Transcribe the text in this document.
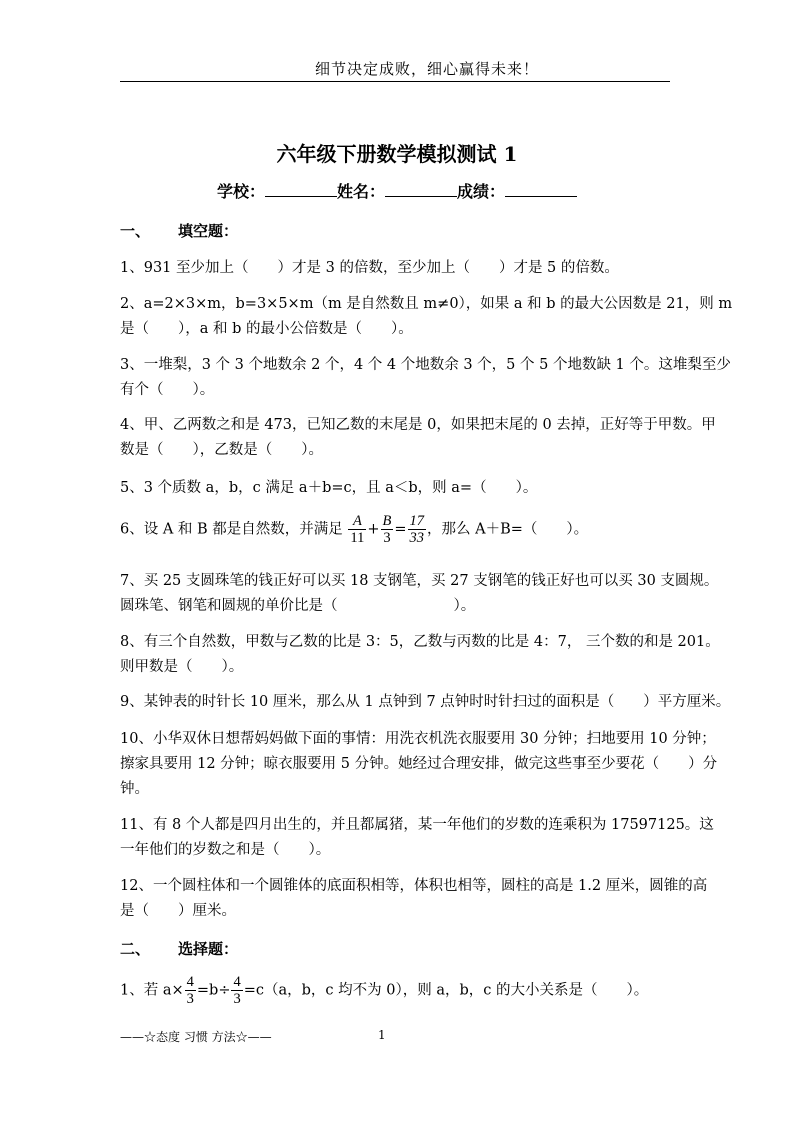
细节决定成败，细心赢得未来！
六年级下册数学模拟测试 1
学校：	姓名：	成绩：
一、 填空题：
1、931 至少加上（　　）才是 3 的倍数，至少加上（　　）才是 5 的倍数。
2、a=2×3×m，b=3×5×m（m 是自然数且 m≠0），如果 a 和 b 的最大公因数是 21，则 m
是（　　），a 和 b 的最小公倍数是（　　）。
3、一堆梨，3 个 3 个地数余 2 个，4 个 4 个地数余 3 个，5 个 5 个地数缺 1 个。这堆梨至少
有个（　　）。
4、甲、乙两数之和是 473，已知乙数的末尾是 0，如果把末尾的 0 去掉，正好等于甲数。甲
数是（　　），乙数是（　　）。
5、3 个质数 a，b，c 满足 a＋b=c，且 a＜b，则 a=（　　）。
6、设 A 和 B 都是自然数，并满足 $\frac{A}{11} + \frac{B}{3} = \frac{17}{33}$ ，那么 A＋B=（　　）。
7、买 25 支圆珠笔的钱正好可以买 18 支钢笔，买 27 支钢笔的钱正好也可以买 30 支圆规。
圆珠笔、钢笔和圆规的单价比是（　　　　　　　　）。
8、有三个自然数，甲数与乙数的比是 3：5，乙数与丙数的比是 4：7， 三个数的和是 201。
则甲数是（　　）。
9、某钟表的时针长 10 厘米，那么从 1 点钟到 7 点钟时时针扫过的面积是（　　）平方厘米。
10、小华双休日想帮妈妈做下面的事情：用洗衣机洗衣服要用 30 分钟；扫地要用 10 分钟；
擦家具要用 12 分钟；晾衣服要用 5 分钟。她经过合理安排，做完这些事至少要花（　　）分
钟。
11、有 8 个人都是四月出生的，并且都属猪，某一年他们的岁数的连乘积为 17597125。这
一年他们的岁数之和是（　　）。
12、一个圆柱体和一个圆锥体的底面积相等，体积也相等，圆柱的高是 1.2 厘米，圆锥的高
是（　　）厘米。
二、 选择题：
1、若 $a\times \frac{4}{3} =b\div \frac{4}{3} =c(a$，b，c 均不为 0），则 a，b，c 的大小关系是（　　）。
——☆态度 习惯 方法☆——	1
